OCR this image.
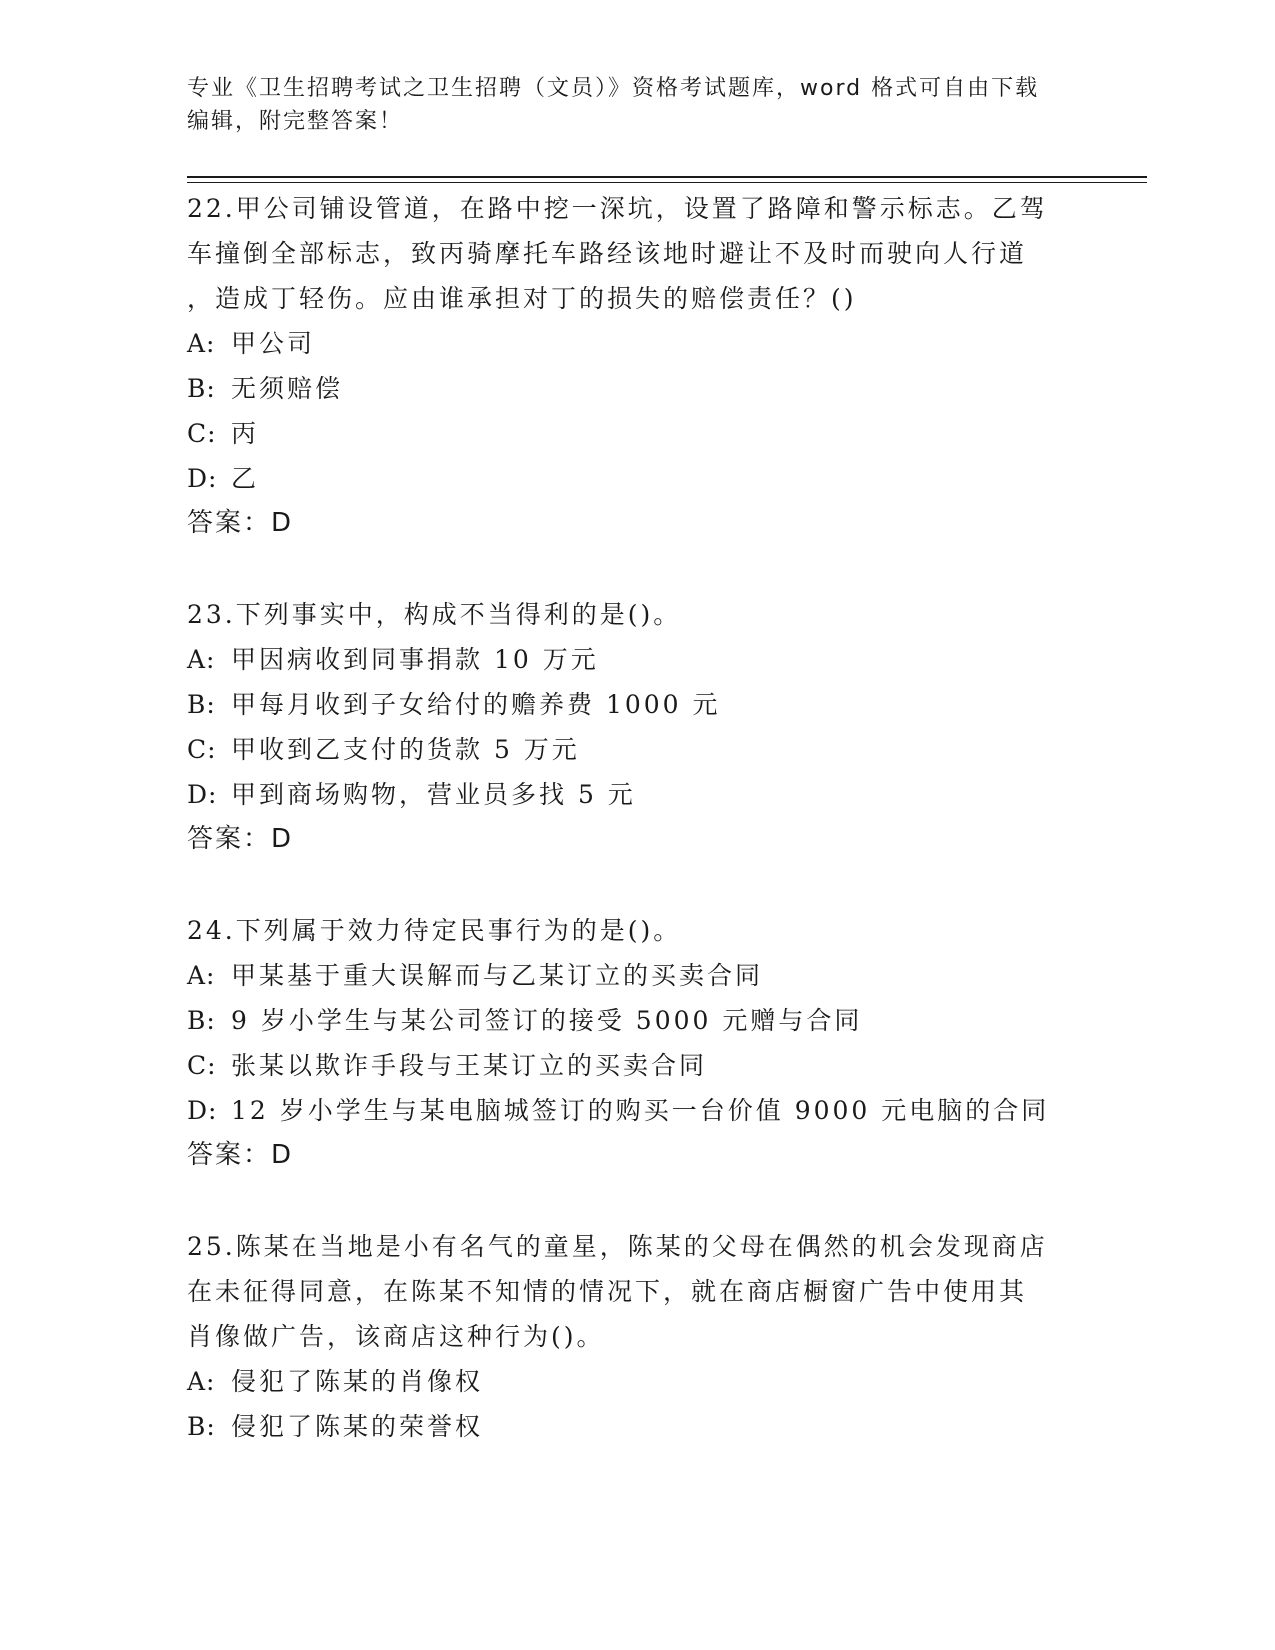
专业《卫生招聘考试之卫生招聘（文员）》资格考试题库，word 格式可自由下载
编辑，附完整答案！

22.甲公司铺设管道，在路中挖一深坑，设置了路障和警示标志。乙驾

车撞倒全部标志，致丙骑摩托车路经该地时避让不及时而驶向人行道

，造成丁轻伤。应由谁承担对丁的损失的赔偿责任？()

A: 甲公司

B: 无须赔偿

C: 丙

D: 乙

答案：D

23.下列事实中，构成不当得利的是()。

A: 甲因病收到同事捐款 10 万元

B: 甲每月收到子女给付的赡养费 1000 元

C: 甲收到乙支付的货款 5 万元

D: 甲到商场购物，营业员多找 5 元

答案：D

24.下列属于效力待定民事行为的是()。

A: 甲某基于重大误解而与乙某订立的买卖合同

B: 9 岁小学生与某公司签订的接受 5000 元赠与合同

C: 张某以欺诈手段与王某订立的买卖合同

D: 12 岁小学生与某电脑城签订的购买一台价值 9000 元电脑的合同

答案：D

25.陈某在当地是小有名气的童星，陈某的父母在偶然的机会发现商店

在未征得同意，在陈某不知情的情况下，就在商店橱窗广告中使用其

肖像做广告，该商店这种行为()。

A: 侵犯了陈某的肖像权

B: 侵犯了陈某的荣誉权
